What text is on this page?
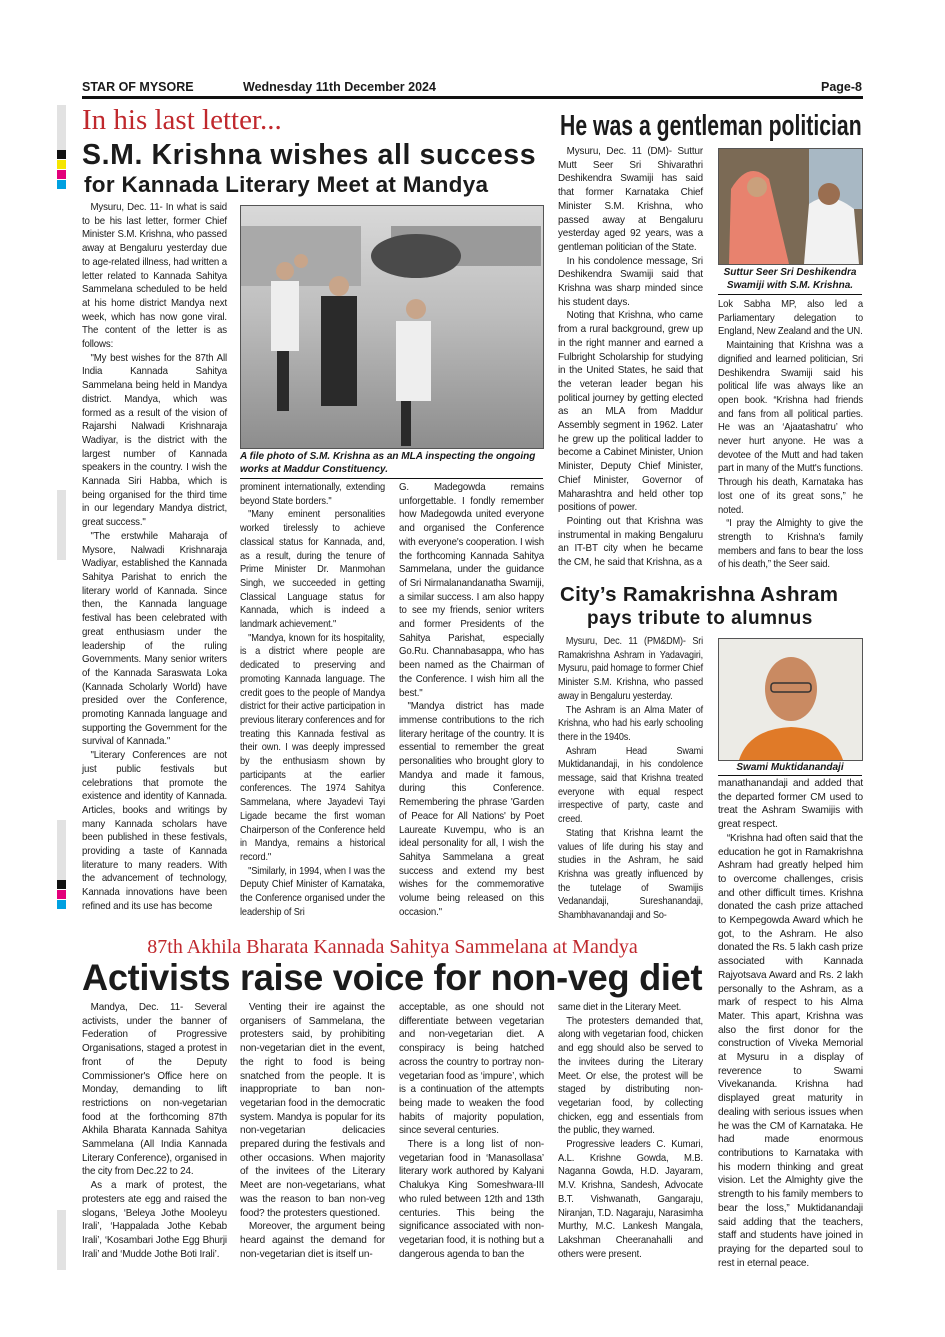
STAR OF MYSORE	Wednesday 11th December 2024	Page-8
In his last letter...
S.M. Krishna wishes all success
for Kannada Literary Meet at Mandya

Mysuru, Dec. 11- In what is said to be his last letter, former Chief Minister S.M. Krishna, who passed away at Bengaluru yesterday due to age-related illness, had written a letter related to Kannada Sahitya Sammelana scheduled to be held at his home district Mandya next week, which has now gone viral. The content of the letter is as follows:

"My best wishes for the 87th All India Kannada Sahitya Sammelana being held in Mandya district. Mandya, which was formed as a result of the vision of Rajarshi Nalwadi Krishnaraja Wadiyar, is the district with the largest number of Kannada speakers in the country. I wish the Kannada Siri Habba, which is being organised for the third time in our legendary Mandya district, great success."

"The erstwhile Maharaja of Mysore, Nalwadi Krishnaraja Wadiyar, established the Kannada Sahitya Parishat to enrich the literary world of Kannada. Since then, the Kannada language festival has been celebrated with great enthusiasm under the leadership of the ruling Governments. Many senior writers of the Kannada Saraswata Loka (Kannada Scholarly World) have presided over the Conference, promoting Kannada language and supporting the Government for the survival of Kannada."

"Literary Conferences are not just public festivals but celebrations that promote the existence and identity of Kannada. Articles, books and writings by many Kannada scholars have been published in these festivals, providing a taste of Kannada literature to many readers. With the advancement of technology, Kannada innovations have been refined and its use has become

A file photo of S.M. Krishna as an MLA inspecting the ongoing works at Maddur Constituency.

prominent internationally, extending beyond State borders."

"Many eminent personalities worked tirelessly to achieve classical status for Kannada, and, as a result, during the tenure of Prime Minister Dr. Manmohan Singh, we succeeded in getting Classical Language status for Kannada, which is indeed a landmark achievement."

"Mandya, known for its hospitality, is a district where people are dedicated to preserving and promoting Kannada language. The credit goes to the people of Mandya district for their active participation in previous literary conferences and for treating this Kannada festival as their own. I was deeply impressed by the enthusiasm shown by participants at the earlier conferences. The 1974 Sahitya Sammelana, where Jayadevi Tayi Ligade became the first woman Chairperson of the Conference held in Mandya, remains a historical record."

"Similarly, in 1994, when I was the Deputy Chief Minister of Karnataka, the Conference organised under the leadership of Sri

G. Madegowda remains unforgettable. I fondly remember how Madegowda united everyone and organised the Conference with everyone's cooperation. I wish the forthcoming Kannada Sahitya Sammelana, under the guidance of Sri Nirmalanandanatha Swamiji, a similar success. I am also happy to see my friends, senior writers and former Presidents of the Sahitya Parishat, especially Go.Ru. Channabasappa, who has been named as the Chairman of the Conference. I wish him all the best."

"Mandya district has made immense contributions to the rich literary heritage of the country. It is essential to remember the great personalities who brought glory to Mandya and made it famous, during this Conference. Remembering the phrase 'Garden of Peace for All Nations' by Poet Laureate Kuvempu, who is an ideal personality for all, I wish the Sahitya Sammelana a great success and extend my best wishes for the commemorative volume being released on this occasion."

He was a gentleman politician

Mysuru, Dec. 11 (DM)- Suttur Mutt Seer Sri Shivarathri Deshikendra Swamiji has said that former Karnataka Chief Minister S.M. Krishna, who passed away at Bengaluru yesterday aged 92 years, was a gentleman politician of the State.

In his condolence message, Sri Deshikendra Swamiji said that Krishna was sharp minded since his student days.

Noting that Krishna, who came from a rural background, grew up in the right manner and earned a Fulbright Scholarship for studying in the United States, he said that the veteran leader began his political journey by getting elected as an MLA from Maddur Assembly segment in 1962. Later he grew up the political ladder to become a Cabinet Minister, Union Minister, Deputy Chief Minister, Chief Minister, Governor of Maharashtra and held other top positions of power.

Pointing out that Krishna was instrumental in making Bengaluru an IT-BT city when he became the CM, he said that Krishna, as a

Suttur Seer Sri Deshikendra Swamiji with S.M. Krishna.

Lok Sabha MP, also led a Parliamentary delegation to England, New Zealand and the UN.

Maintaining that Krishna was a dignified and learned politician, Sri Deshikendra Swamiji said his political life was always like an open book. “Krishna had friends and fans from all political parties. He was an ‘Ajaatashatru’ who never hurt anyone. He was a devotee of the Mutt and had taken part in many of the Mutt's functions. Through his death, Karnataka has lost one of its great sons,” he noted.

“I pray the Almighty to give the strength to Krishna's family members and fans to bear the loss of his death,” the Seer said.

City’s Ramakrishna Ashram
pays tribute to alumnus

Mysuru, Dec. 11 (PM&DM)- Sri Ramakrishna Ashram in Yadavagiri, Mysuru, paid homage to former Chief Minister S.M. Krishna, who passed away in Bengaluru yesterday.

The Ashram is an Alma Mater of Krishna, who had his early schooling there in the 1940s.

Ashram Head Swami Muktidanandaji, in his condolence message, said that Krishna treated everyone with equal respect irrespective of party, caste and creed.

Stating that Krishna learnt the values of life during his stay and studies in the Ashram, he said Krishna was greatly influenced by the tutelage of Swamijis Vedanandaji, Sureshanandaji, Shambhavanandaji and So-

Swami Muktidanandaji

manathanandaji and added that the departed former CM used to treat the Ashram Swamijis with great respect.

“Krishna had often said that the education he got in Ramakrishna Ashram had greatly helped him to overcome challenges, crisis and other difficult times. Krishna donated the cash prize attached to Kempegowda Award which he got, to the Ashram. He also donated the Rs. 5 lakh cash prize associated with Kannada Rajyotsava Award and Rs. 2 lakh personally to the Ashram, as a mark of respect to his Alma Mater. This apart, Krishna was also the first donor for the construction of Viveka Memorial at Mysuru in a display of reverence to Swami Vivekananda. Krishna had displayed great maturity in dealing with serious issues when he was the CM of Karnataka. He had made enormous contributions to Karnataka with his modern thinking and great vision. Let the Almighty give the strength to his family members to bear the loss,” Muktidanandaji said adding that the teachers, staff and students have joined in praying for the departed soul to rest in eternal peace.

87th Akhila Bharata Kannada Sahitya Sammelana at Mandya
Activists raise voice for non-veg diet

Mandya, Dec. 11- Several activists, under the banner of Federation of Progressive Organisations, staged a protest in front of the Deputy Commissioner's Office here on Monday, demanding to lift restrictions on non-vegetarian food at the forthcoming 87th Akhila Bharata Kannada Sahitya Sammelana (All India Kannada Literary Conference), organised in the city from Dec.22 to 24.

As a mark of protest, the protesters ate egg and raised the slogans, ‘Beleya Jothe Mooleyu Irali’, ‘Happalada Jothe Kebab Irali’, ‘Kosambari Jothe Egg Bhurji Irali’ and ‘Mudde Jothe Boti Irali’.

Venting their ire against the organisers of Sammelana, the protesters said, by prohibiting non-vegetarian diet in the event, the right to food is being snatched from the people. It is inappropriate to ban non-vegetarian food in the democratic system. Mandya is popular for its non-vegetarian delicacies prepared during the festivals and other occasions. When majority of the invitees of the Literary Meet are non-vegetarians, what was the reason to ban non-veg food? the protesters questioned.

Moreover, the argument being heard against the demand for non-vegetarian diet is itself un-

acceptable, as one should not differentiate between vegetarian and non-vegetarian diet. A conspiracy is being hatched across the country to portray non-vegetarian food as ‘impure’, which is a continuation of the attempts being made to weaken the food habits of majority population, since several centuries.

There is a long list of non-vegetarian food in ‘Manasollasa’ literary work authored by Kalyani Chalukya King Someshwara-III who ruled between 12th and 13th centuries. This being the significance associated with non-vegetarian food, it is nothing but a dangerous agenda to ban the

same diet in the Literary Meet.

The protesters demanded that, along with vegetarian food, chicken and egg should also be served to the invitees during the Literary Meet. Or else, the protest will be staged by distributing non-vegetarian food, by collecting chicken, egg and essentials from the public, they warned.

Progressive leaders C. Kumari, A.L. Krishne Gowda, M.B. Naganna Gowda, H.D. Jayaram, M.V. Krishna, Sandesh, Advocate B.T. Vishwanath, Gangaraju, Niranjan, T.D. Nagaraju, Narasimha Murthy, M.C. Lankesh Mangala, Lakshman Cheeranahalli and others were present.
